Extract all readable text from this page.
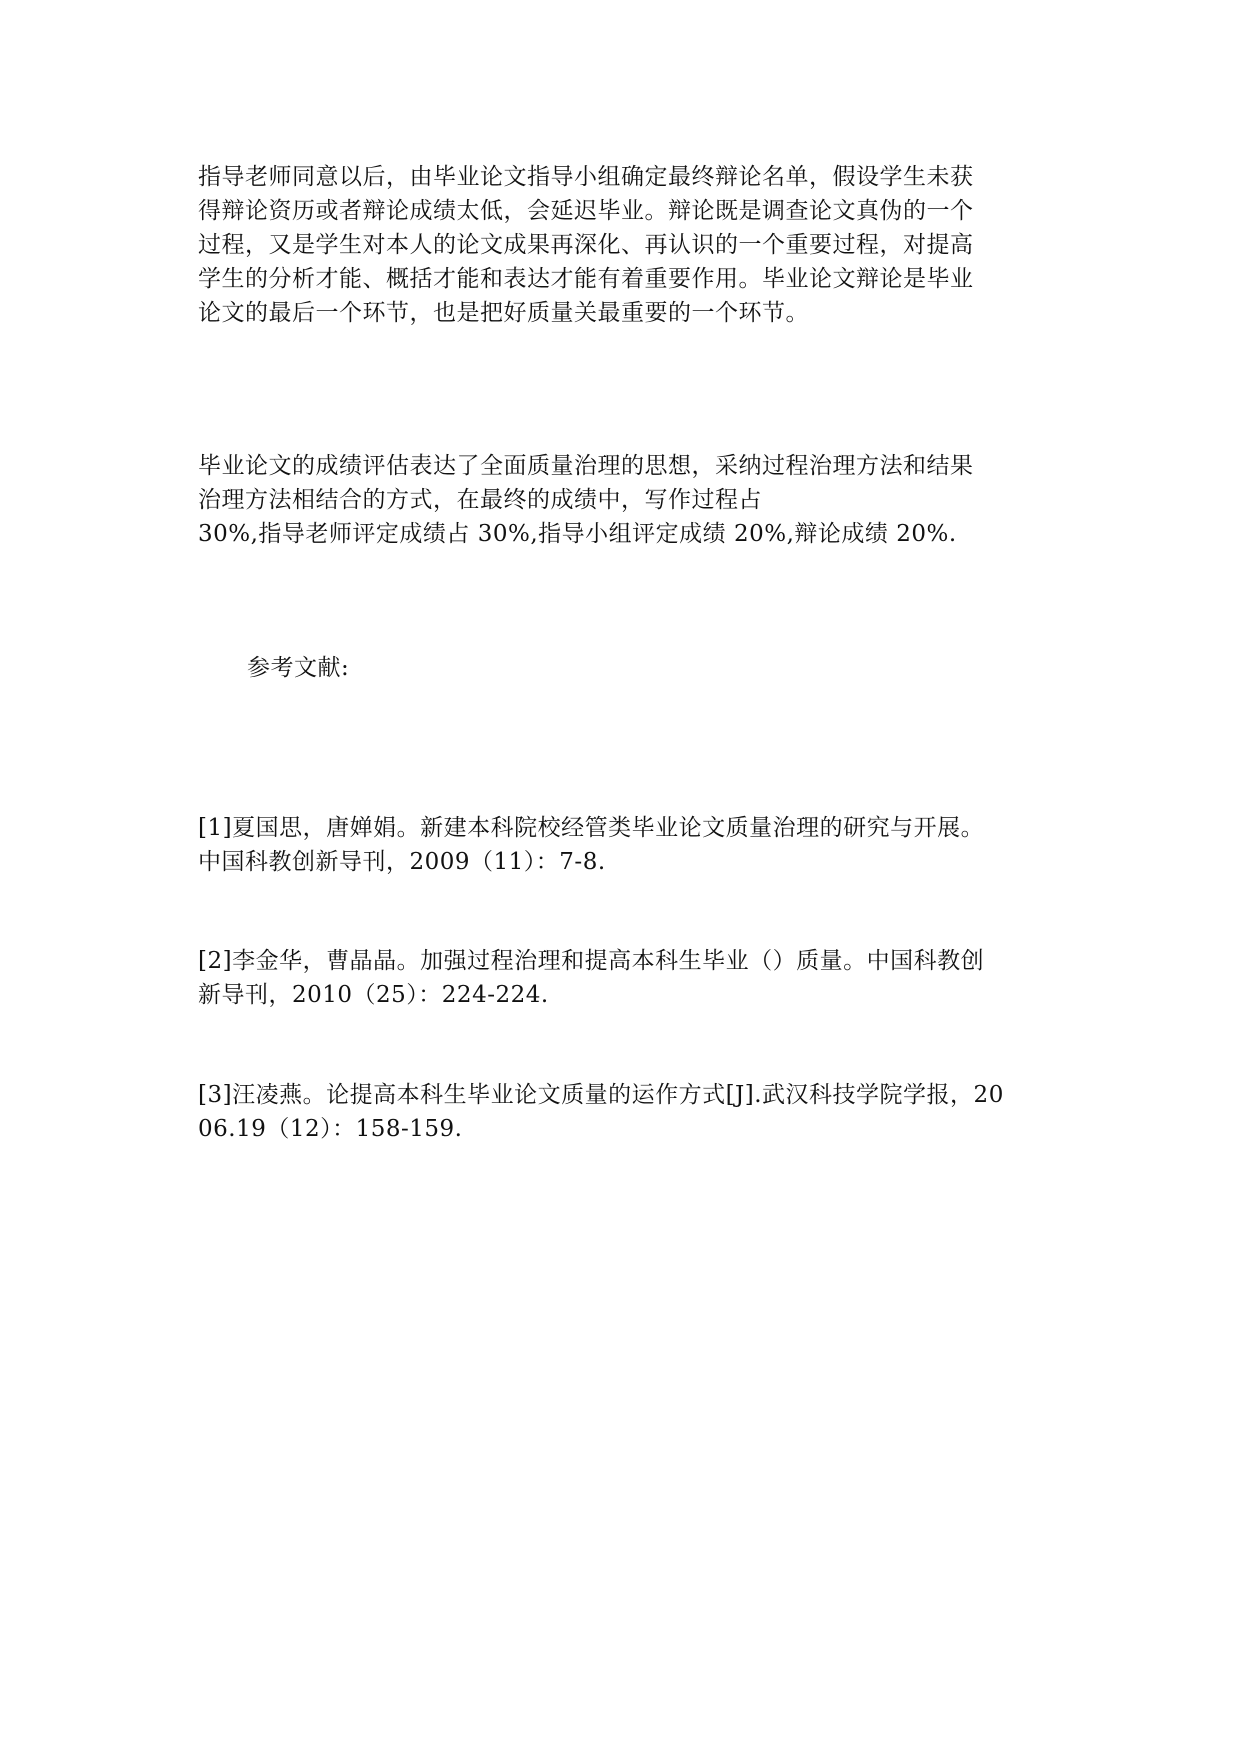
指导老师同意以后，由毕业论文指导小组确定最终辩论名单，假设学生未获
得辩论资历或者辩论成绩太低，会延迟毕业。辩论既是调查论文真伪的一个
过程，又是学生对本人的论文成果再深化、再认识的一个重要过程，对提高
学生的分析才能、概括才能和表达才能有着重要作用。毕业论文辩论是毕业
论文的最后一个环节，也是把好质量关最重要的一个环节。

毕业论文的成绩评估表达了全面质量治理的思想，采纳过程治理方法和结果
治理方法相结合的方式，在最终的成绩中，写作过程占
30%,指导老师评定成绩占 30%,指导小组评定成绩 20%,辩论成绩 20%.

参考文献:

[1]夏国思，唐婵娟。新建本科院校经管类毕业论文质量治理的研究与开展。
中国科教创新导刊，2009（11）：7-8.

[2]李金华，曹晶晶。加强过程治理和提高本科生毕业（）质量。中国科教创
新导刊，2010（25）：224-224.

[3]汪凌燕。论提高本科生毕业论文质量的运作方式[J].武汉科技学院学报，20
06.19（12）：158-159.
